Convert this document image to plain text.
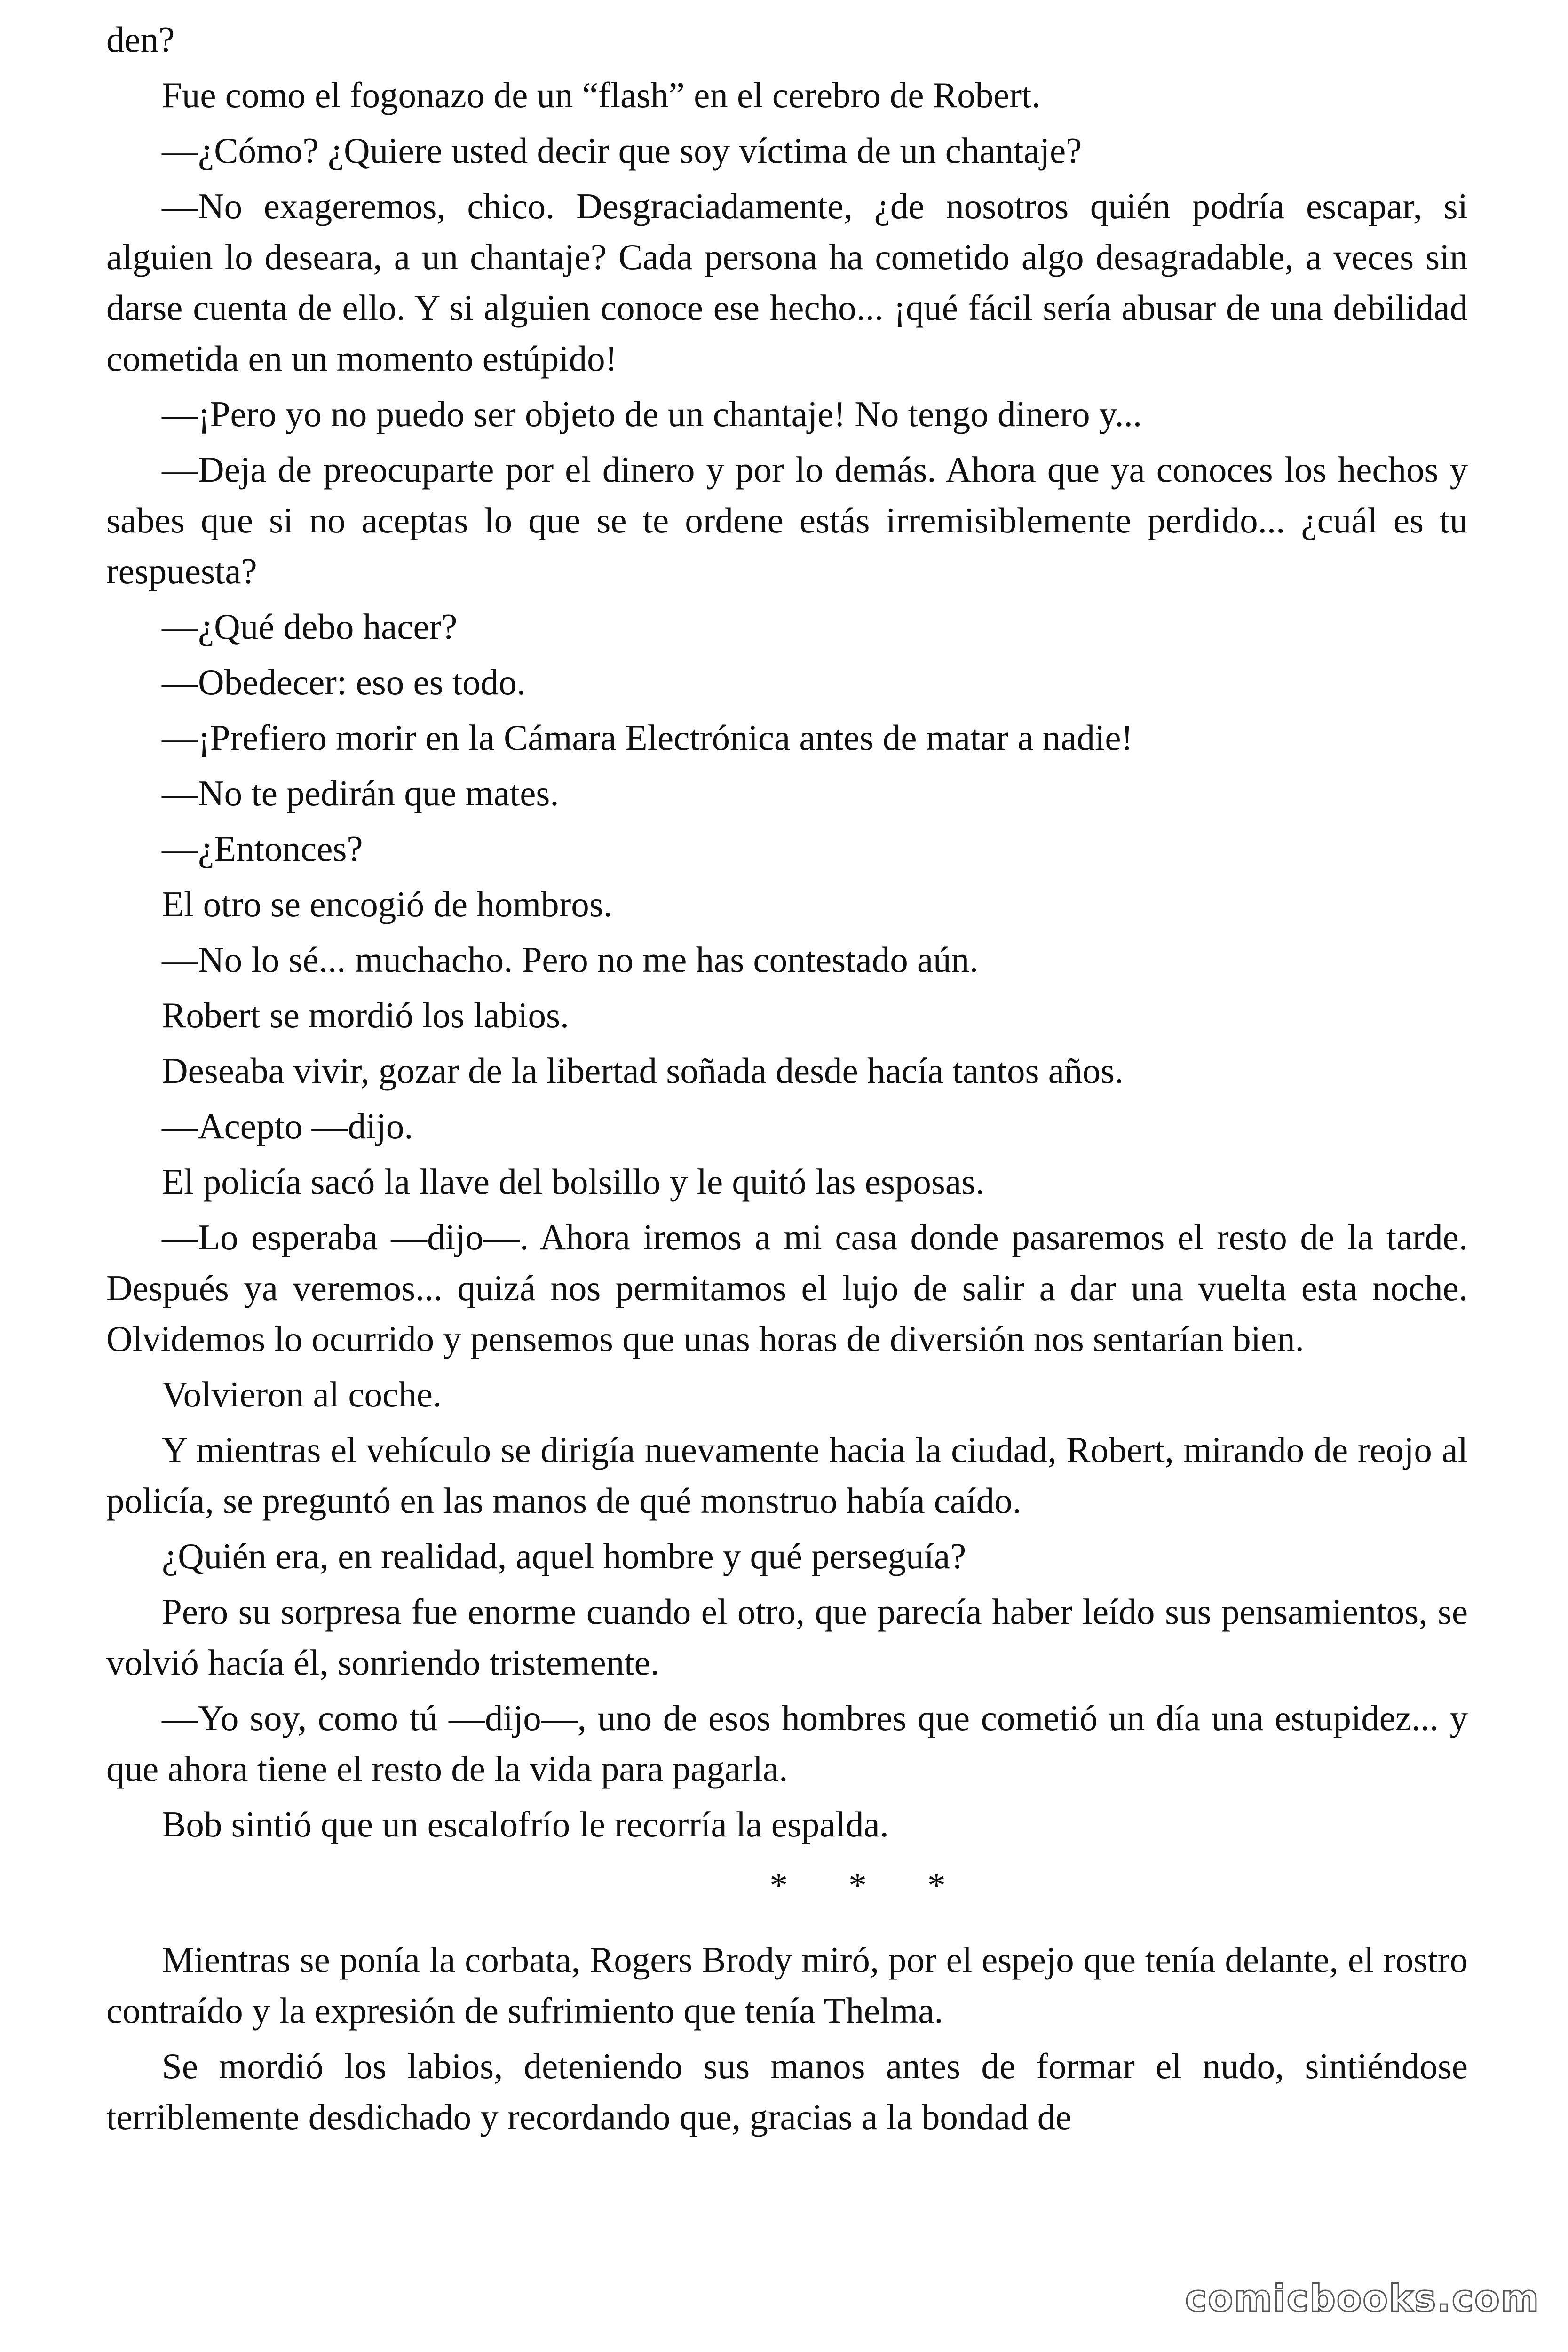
den?

Fue como el fogonazo de un “flash” en el cerebro de Robert.

—¿Cómo? ¿Quiere usted decir que soy víctima de un chantaje?

—No exageremos, chico. Desgraciadamente, ¿de nosotros quién podría escapar, si alguien lo deseara, a un chantaje? Cada persona ha cometido algo desagradable, a veces sin darse cuenta de ello. Y si alguien conoce ese hecho... ¡qué fácil sería abusar de una debilidad cometida en un momento estúpido!

—¡Pero yo no puedo ser objeto de un chantaje! No tengo dinero y...

—Deja de preocuparte por el dinero y por lo demás. Ahora que ya conoces los hechos y sabes que si no aceptas lo que se te ordene estás irremisiblemente perdido... ¿cuál es tu respuesta?

—¿Qué debo hacer?

—Obedecer: eso es todo.

—¡Prefiero morir en la Cámara Electrónica antes de matar a nadie!

—No te pedirán que mates.

—¿Entonces?

El otro se encogió de hombros.

—No lo sé... muchacho. Pero no me has contestado aún.

Robert se mordió los labios.

Deseaba vivir, gozar de la libertad soñada desde hacía tantos años.

—Acepto —dijo.

El policía sacó la llave del bolsillo y le quitó las esposas.

—Lo esperaba —dijo—. Ahora iremos a mi casa donde pasaremos el resto de la tarde. Después ya veremos... quizá nos permitamos el lujo de salir a dar una vuelta esta noche. Olvidemos lo ocurrido y pensemos que unas horas de diversión nos sentarían bien.

Volvieron al coche.

Y mientras el vehículo se dirigía nuevamente hacia la ciudad, Robert, mirando de reojo al policía, se preguntó en las manos de qué monstruo había caído.

¿Quién era, en realidad, aquel hombre y qué perseguía?

Pero su sorpresa fue enorme cuando el otro, que parecía haber leído sus pensamientos, se volvió hacía él, sonriendo tristemente.

—Yo soy, como tú —dijo—, uno de esos hombres que cometió un día una estupidez... y que ahora tiene el resto de la vida para pagarla.

Bob sintió que un escalofrío le recorría la espalda.

* * *

Mientras se ponía la corbata, Rogers Brody miró, por el espejo que tenía delante, el rostro contraído y la expresión de sufrimiento que tenía Thelma.

Se mordió los labios, deteniendo sus manos antes de formar el nudo, sintiéndose terriblemente desdichado y recordando que, gracias a la bondad de

comicbooks.com
